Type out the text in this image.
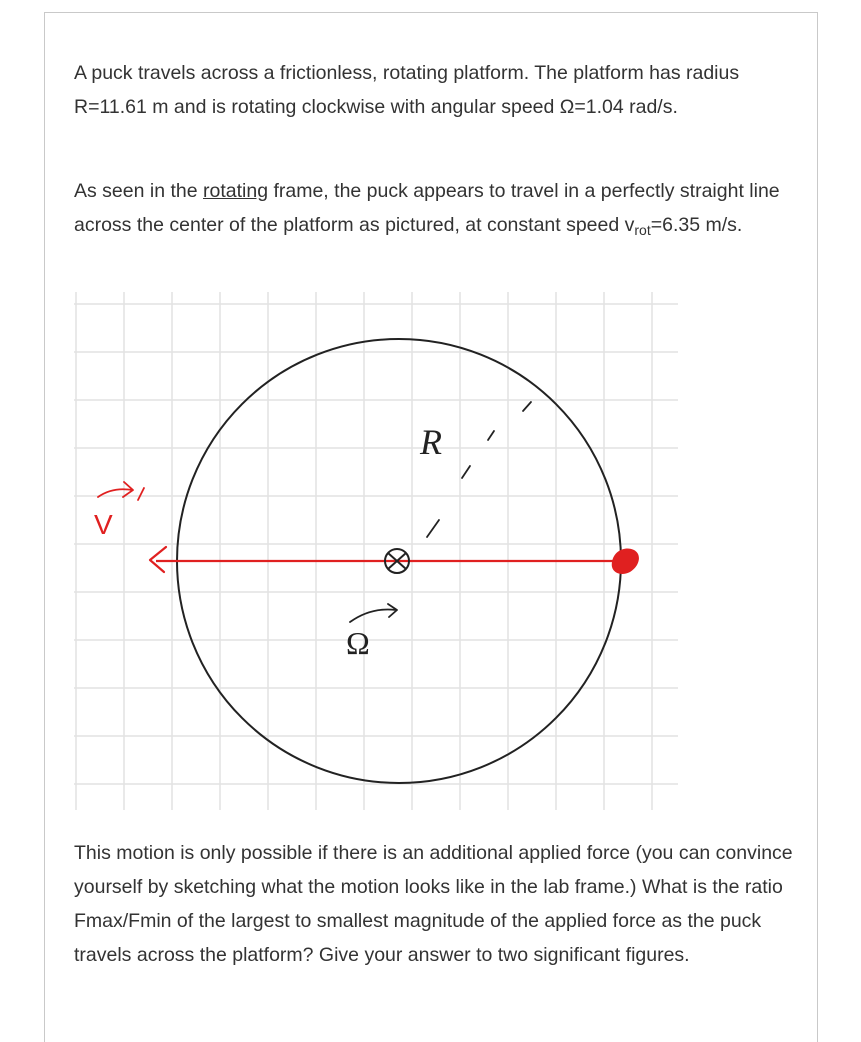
A puck travels across a frictionless, rotating platform. The platform has radius R=11.61 m and is rotating clockwise with angular speed Ω=1.04 rad/s.

As seen in the rotating frame, the puck appears to travel in a perfectly straight line across the center of the platform as pictured, at constant speed $v_{rot}=6.35$ m/s.

R
Ω
V

This motion is only possible if there is an additional applied force (you can convince yourself by sketching what the motion looks like in the lab frame.) What is the ratio Fmax/Fmin of the largest to smallest magnitude of the applied force as the puck travels across the platform? Give your answer to two significant figures.
